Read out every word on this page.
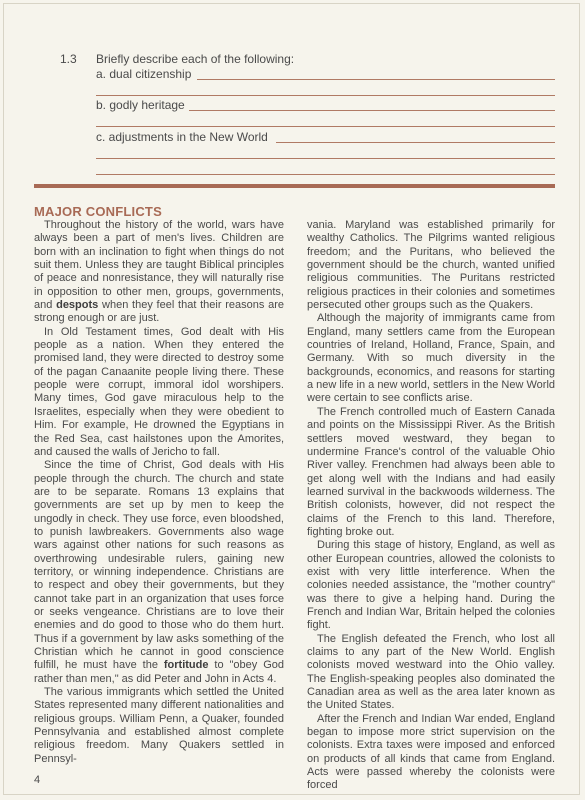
1.3 Briefly describe each of the following:
a. dual citizenship
b. godly heritage
c. adjustments in the New World
MAJOR CONFLICTS

Throughout the history of the world, wars have always been a part of men's lives. Children are born with an inclination to fight when things do not suit them. Unless they are taught Biblical principles of peace and nonresistance, they will naturally rise in opposition to other men, groups, governments, and despots when they feel that their reasons are strong enough or are just.

In Old Testament times, God dealt with His people as a nation. When they entered the promised land, they were directed to destroy some of the pagan Canaanite people living there. These people were corrupt, immoral idol worshipers. Many times, God gave miraculous help to the Israelites, especially when they were obedient to Him. For example, He drowned the Egyptians in the Red Sea, cast hailstones upon the Amorites, and caused the walls of Jericho to fall.

Since the time of Christ, God deals with His people through the church. The church and state are to be separate. Romans 13 explains that governments are set up by men to keep the ungodly in check. They use force, even bloodshed, to punish lawbreakers. Governments also wage wars against other nations for such reasons as overthrowing undesirable rulers, gaining new territory, or winning independence. Christians are to respect and obey their governments, but they cannot take part in an organization that uses force or seeks vengeance. Christians are to love their enemies and do good to those who do them hurt. Thus if a government by law asks something of the Christian which he cannot in good conscience fulfill, he must have the fortitude to "obey God rather than men," as did Peter and John in Acts 4.

The various immigrants which settled the United States represented many different nationalities and religious groups. William Penn, a Quaker, founded Pennsylvania and established almost complete religious freedom. Many Quakers settled in Pennsyl-

vania. Maryland was established primarily for wealthy Catholics. The Pilgrims wanted religious freedom; and the Puritans, who believed the government should be the church, wanted unified religious communities. The Puritans restricted religious practices in their colonies and sometimes persecuted other groups such as the Quakers.

Although the majority of immigrants came from England, many settlers came from the European countries of Ireland, Holland, France, Spain, and Germany. With so much diversity in the backgrounds, economics, and reasons for starting a new life in a new world, settlers in the New World were certain to see conflicts arise.

The French controlled much of Eastern Canada and points on the Mississippi River. As the British settlers moved westward, they began to undermine France's control of the valuable Ohio River valley. Frenchmen had always been able to get along well with the Indians and had easily learned survival in the backwoods wilderness. The British colonists, however, did not respect the claims of the French to this land. Therefore, fighting broke out.

During this stage of history, England, as well as other European countries, allowed the colonists to exist with very little interference. When the colonies needed assistance, the "mother country" was there to give a helping hand. During the French and Indian War, Britain helped the colonies fight.

The English defeated the French, who lost all claims to any part of the New World. English colonists moved westward into the Ohio valley. The English-speaking peoples also dominated the Canadian area as well as the area later known as the United States.

After the French and Indian War ended, England began to impose more strict supervision on the colonists. Extra taxes were imposed and enforced on products of all kinds that came from England. Acts were passed whereby the colonists were forced

4
